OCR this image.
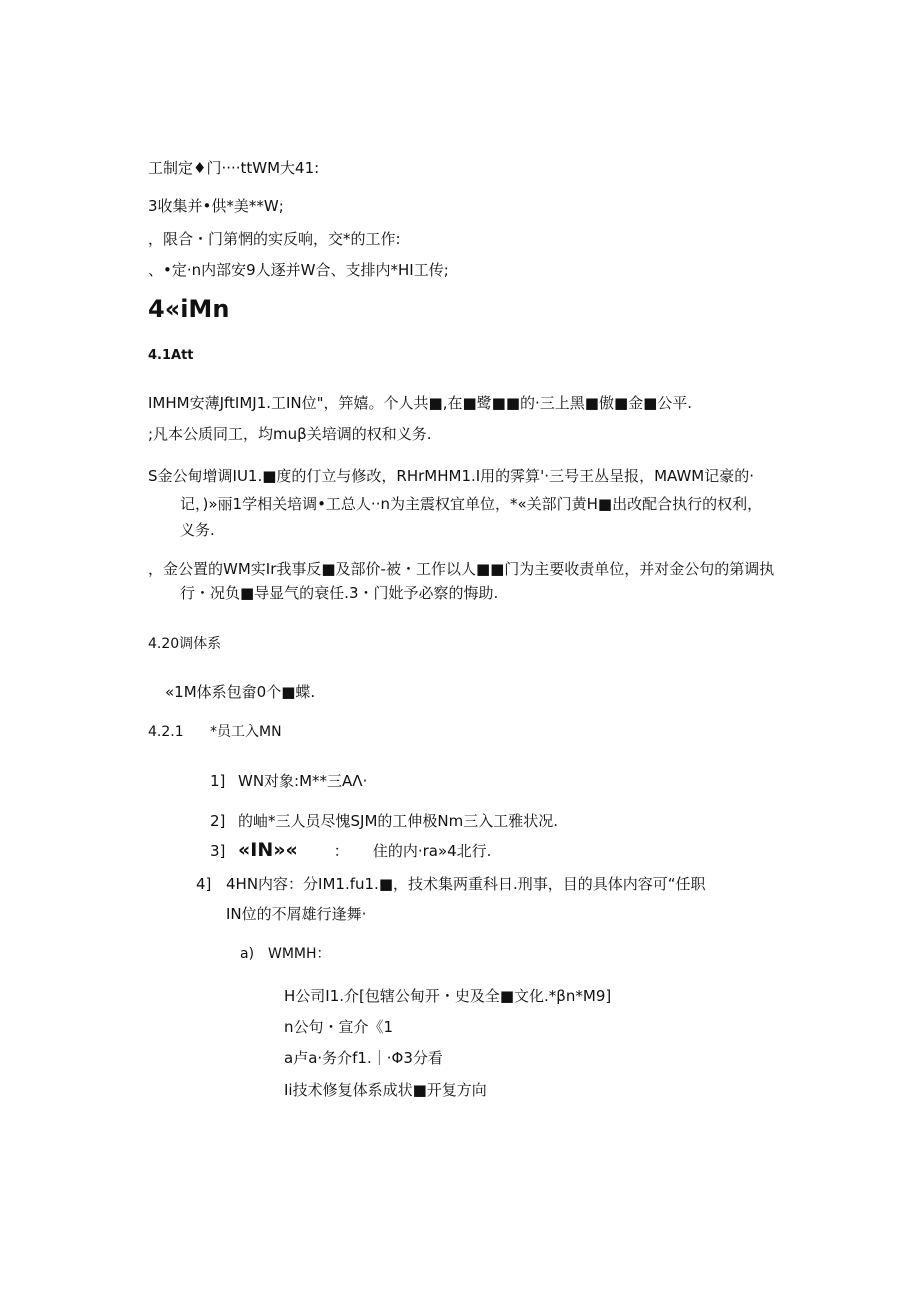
工制定♦门····ttWM大41:
3收集并•供*美**W;
，限合・门第惘的实反响，交*的工作:
、•定·n内部安9人逐并W合、支排内*HI工传;
4«iMn
4.1Att
IMHM安薄JftIMJ1.工IN位"，笄嬉。个人共■,在■鹭■■的·三上黑■傲■金■公平.
;凡本公质同工，均muβ关培调的权和义务.
S金公甸增调IU1.■度的仃立与修改，RHrMHM1.I用的霁算'·三号王丛呈报，MAWM记豪的·
记，)»丽1学相关培调•工总人··n为主震权宜单位，*«关部门黄H■出改配合执行的权利，
义务.
，金公置的WM实Ir我事反■及部价-被・工作以人■■门为主要收责单位，并对金公句的第调执
行・况负■导显气的衰任.3・门妣予必察的悔助.
4.20调体系
«1M体系包畲0个■蝶.
4.2.1 *员工入MN
1] WN对象:M**三AΛ·
2] 的岫*三人员尽愧SJM的工伸极Nm三入工雅状况.
3] «IN»« ： 住的内·ra»4北行.
4] 4HN内容：分IM1.fu1.■，技术集两重科日.刑事，目的具体内容可“任职
IN位的不屑雄行逢舞·
a) WMMH：
H公司I1.介[包辖公甸开・史及全■文化.*βn*M9]
n公句・宣介《1
a卢a·务介f1.｜·Φ3分看
Ii技术修复体系成状■开复方向
